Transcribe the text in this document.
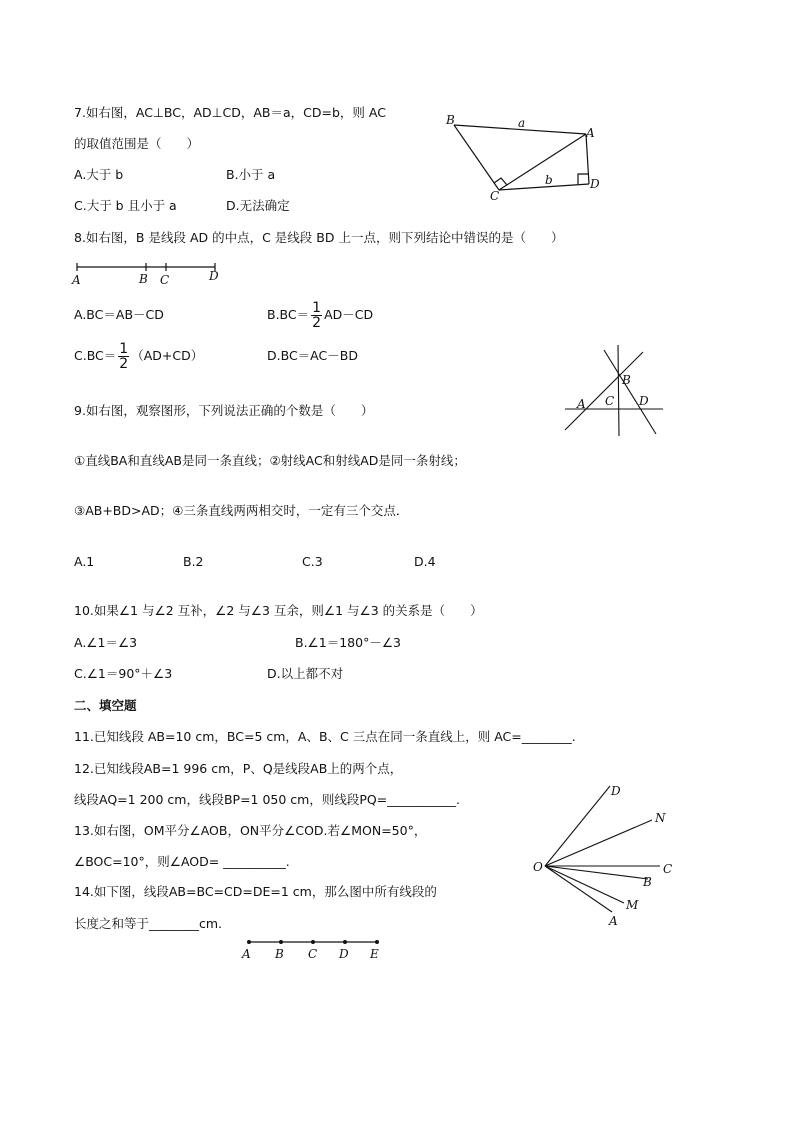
7.如右图，AC⊥BC，AD⊥CD，AB＝a，CD=b，则 AC
的取值范围是（　　）
A.大于 b	B.小于 a
C.大于 b 且小于 a	D.无法确定
B
A
C
D
a
b
8.如右图，B 是线段 AD 的中点，C 是线段 BD 上一点，则下列结论中错误的是（　　）
A	B C	D
A.BC＝AB－CD	$B.BC= \frac{1}{2} AD-CD$
$C.BC= \frac{1}{2} (AD+CD)$	D.BC＝AC－BD
9.如右图，观察图形，下列说法正确的个数是（　　）	A
B
C D
①直线BA和直线AB是同一条直线；②射线AC和射线AD是同一条射线；
③AB+BD>AD；④三条直线两两相交时，一定有三个交点．
A.1	B.2	C.3	D.4
10.如果∠1 与∠2 互补，∠2 与∠3 互余，则∠1 与∠3 的关系是（　　）
A.∠1＝∠3	B.∠1＝180°－∠3
C.∠1＝90°＋∠3	D.以上都不对
二、填空题
11.已知线段 AB=10 cm，BC=5 cm，A、B、C 三点在同一条直线上，则 AC=________.
12.已知线段AB=1 996 cm，P、Q是线段AB上的两个点，
线段AQ=1 200 cm，线段BP=1 050 cm，则线段PQ=___________.
13.如右图，OM平分∠AOB，ON平分∠COD.若∠MON=50°，
∠BOC=10°，则∠AOD= __________.	O
D
N
C
B
M
A
14.如下图，线段AB=BC=CD=DE=1 cm，那么图中所有线段的
长度之和等于________cm.
A B C D E
